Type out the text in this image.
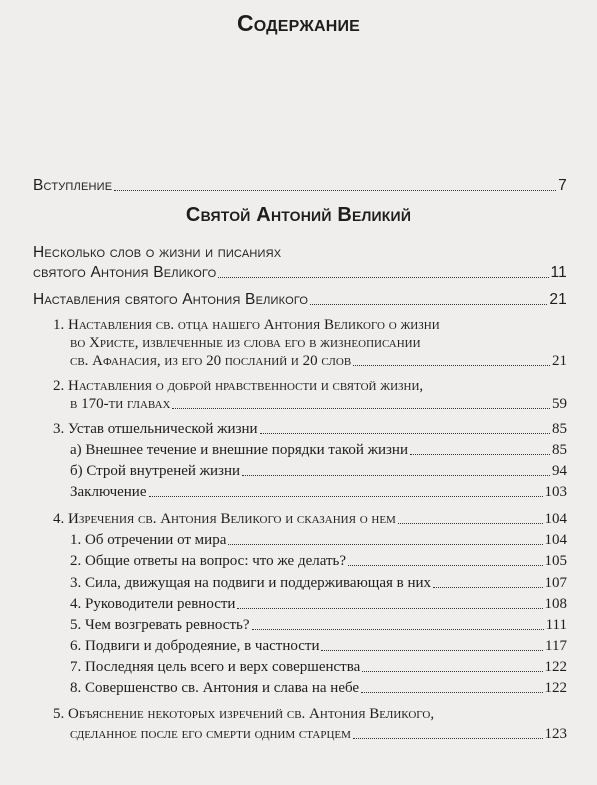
Содержание
Вступление	7
Святой Антоний Великий
Несколько слов о жизни и писаниях
святого Антония Великого	11
Наставления святого Антония Великого	21
1. Наставления св. отца нашего Антония Великого о жизни
во Христе, извлеченные из слова его в жизнеописании
св. Афанасия, из его 20 посланий и 20 слов	21
2. Наставления о доброй нравственности и святой жизни,
в 170-ти главах	59
3. Устав отшельнической жизни	85
а) Внешнее течение и внешние порядки такой жизни	85
б) Строй внутреней жизни	94
Заключение	103
4. Изречения св. Антония Великого и сказания о нем	104
1. Об отречении от мира	104
2. Общие ответы на вопрос: что же делать?	105
3. Сила, движущая на подвиги и поддерживающая в них	107
4. Руководители ревности	108
5. Чем возгревать ревность?	111
6. Подвиги и добродеяние, в частности	117
7. Последняя цель всего и верх совершенства	122
8. Совершенство св. Антония и слава на небе	122
5. Объяснение некоторых изречений св. Антония Великого,
сделанное после его смерти одним старцем	123
